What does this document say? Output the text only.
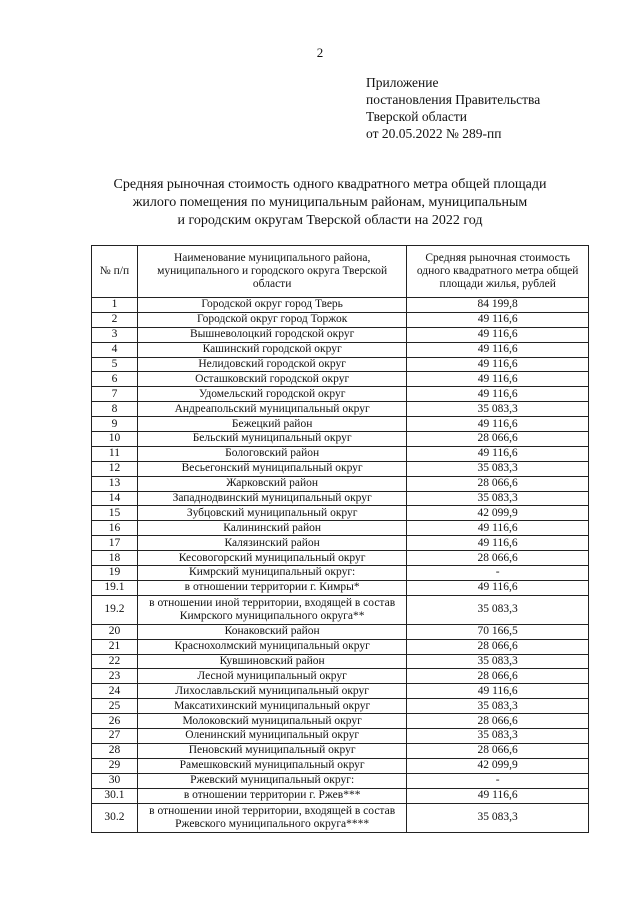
2
Приложение
постановления Правительства
Тверской области
от 20.05.2022 № 289-пп
Средняя рыночная стоимость одного квадратного метра общей площади
жилого помещения по муниципальным районам, муниципальным
и городским округам Тверской области на 2022 год
№ п/п	Наименование муниципального района, муниципального и городского округа Тверской области	Средняя рыночная стоимость одного квадратного метра общей площади жилья, рублей
1	Городской округ город Тверь	84 199,8
2	Городской округ город Торжок	49 116,6
3	Вышневолоцкий городской округ	49 116,6
4	Кашинский городской округ	49 116,6
5	Нелидовский городской округ	49 116,6
6	Осташковский городской округ	49 116,6
7	Удомельский городской округ	49 116,6
8	Андреапольский муниципальный округ	35 083,3
9	Бежецкий район	49 116,6
10	Бельский муниципальный округ	28 066,6
11	Бологовский район	49 116,6
12	Весьегонский муниципальный округ	35 083,3
13	Жарковский район	28 066,6
14	Западнодвинский муниципальный округ	35 083,3
15	Зубцовский муниципальный округ	42 099,9
16	Калининский район	49 116,6
17	Калязинский район	49 116,6
18	Кесовогорский муниципальный округ	28 066,6
19	Кимрский муниципальный округ:	-
19.1	в отношении территории г. Кимры*	49 116,6
19.2	в отношении иной территории, входящей в состав Кимрского муниципального округа**	35 083,3
20	Конаковский район	70 166,5
21	Краснохолмский муниципальный округ	28 066,6
22	Кувшиновский район	35 083,3
23	Лесной муниципальный округ	28 066,6
24	Лихославльский муниципальный округ	49 116,6
25	Максатихинский муниципальный округ	35 083,3
26	Молоковский муниципальный округ	28 066,6
27	Оленинский муниципальный округ	35 083,3
28	Пеновский муниципальный округ	28 066,6
29	Рамешковский муниципальный округ	42 099,9
30	Ржевский муниципальный округ:	-
30.1	в отношении территории г. Ржев***	49 116,6
30.2	в отношении иной территории, входящей в состав Ржевского муниципального округа****	35 083,3
